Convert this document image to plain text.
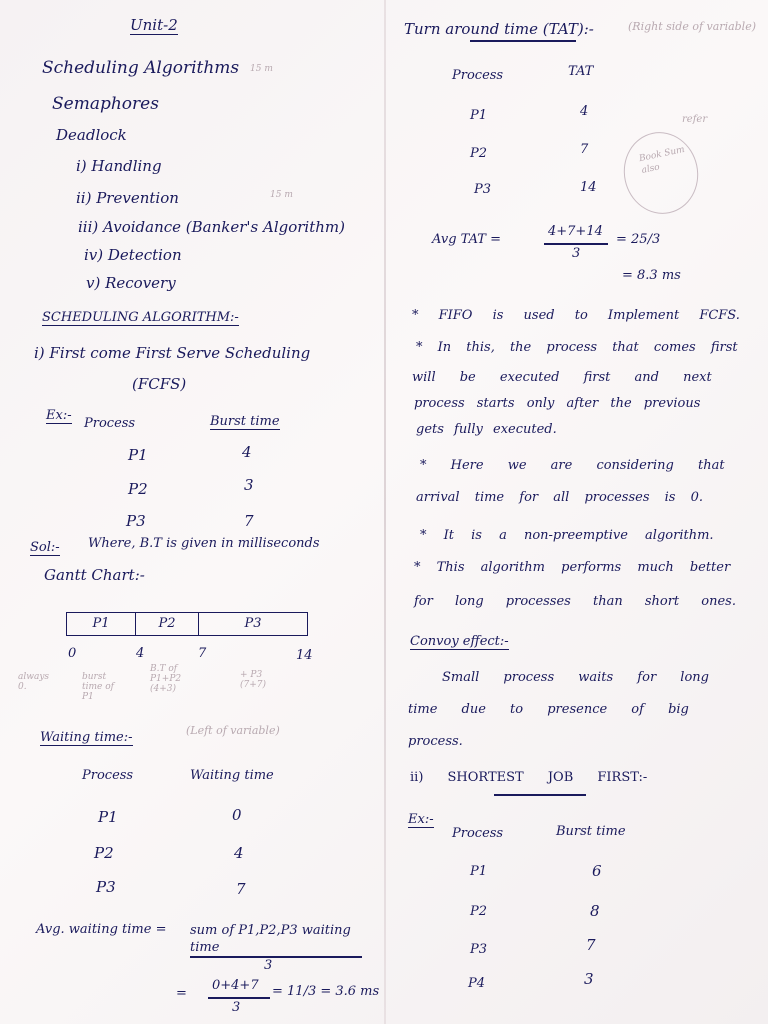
Unit-2
Scheduling Algorithms 15 m
Semaphores
Deadlock
i) Handling
ii) Prevention	15 m
iii) Avoidance (Banker's Algorithm)
iv) Detection
v) Recovery
SCHEDULING ALGORITHM:-
i) First come First Serve Scheduling
(FCFS)
Ex:-
Process	Burst time
P1	4
P2	3
P3	7
Sol:- Where, B.T is given in milliseconds
Gantt Chart:-
P1	P2	P3
0	4	7	14
always 0.
burst time of P1
B.T of P1+P2 (4+3)
+ P3 (7+7)
Waiting time:-	(Left of variable)
Process	Waiting time
P1	0
P2	4
P3	7
Avg. waiting time = sum of P1,P2,P3 waiting time
3
=
0+4+7
3
= 11/3 = 3.6 ms
Turn around time (TAT):-	(Right side of variable)
Process	TAT
P1	4
P2	7
P3	14
refer
Book Sum also
Avg TAT =
4+7+14
3
= 25/3
= 8.3 ms
* FIFO is used to Implement FCFS.
* In this, the process that comes first
will be executed first and next
process starts only after the previous
gets fully executed.
* Here we are considering that
arrival time for all processes is 0.
* It is a non-preemptive algorithm.
* This algorithm performs much better
for long processes than short ones.
Convoy effect:-
Small process waits for long
time due to presence of big
process.
ii) SHORTEST JOB FIRST:-
Ex:-
Process	Burst time
P1	6
P2	8
P3	7
P4	3
